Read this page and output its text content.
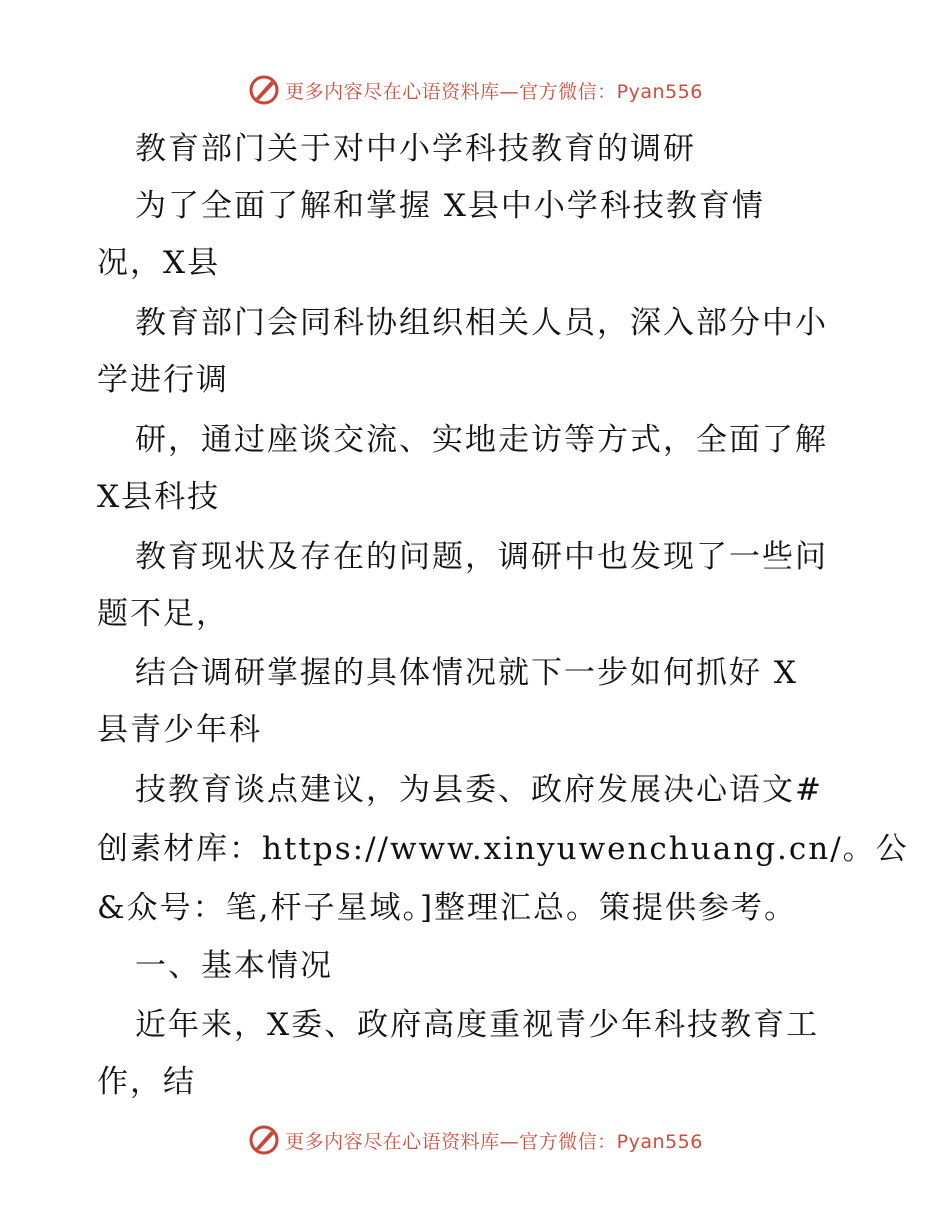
更多内容尽在心语资料库—官方微信：Pyan556
教育部门关于对中小学科技教育的调研
为了全面了解和掌握 X县中小学科技教育情
况，X县
教育部门会同科协组织相关人员，深入部分中小
学进行调
研，通过座谈交流、实地走访等方式，全面了解
X县科技
教育现状及存在的问题，调研中也发现了一些问
题不足，
结合调研掌握的具体情况就下一步如何抓好 X
县青少年科
技教育谈点建议，为县委、政府发展决心语文#
创素材库：https://www.xinyuwenchuang.cn/。公
&众号：笔,杆子星域。]整理汇总。策提供参考。
一、基本情况
近年来，X委、政府高度重视青少年科技教育工
作，结
更多内容尽在心语资料库—官方微信：Pyan556
